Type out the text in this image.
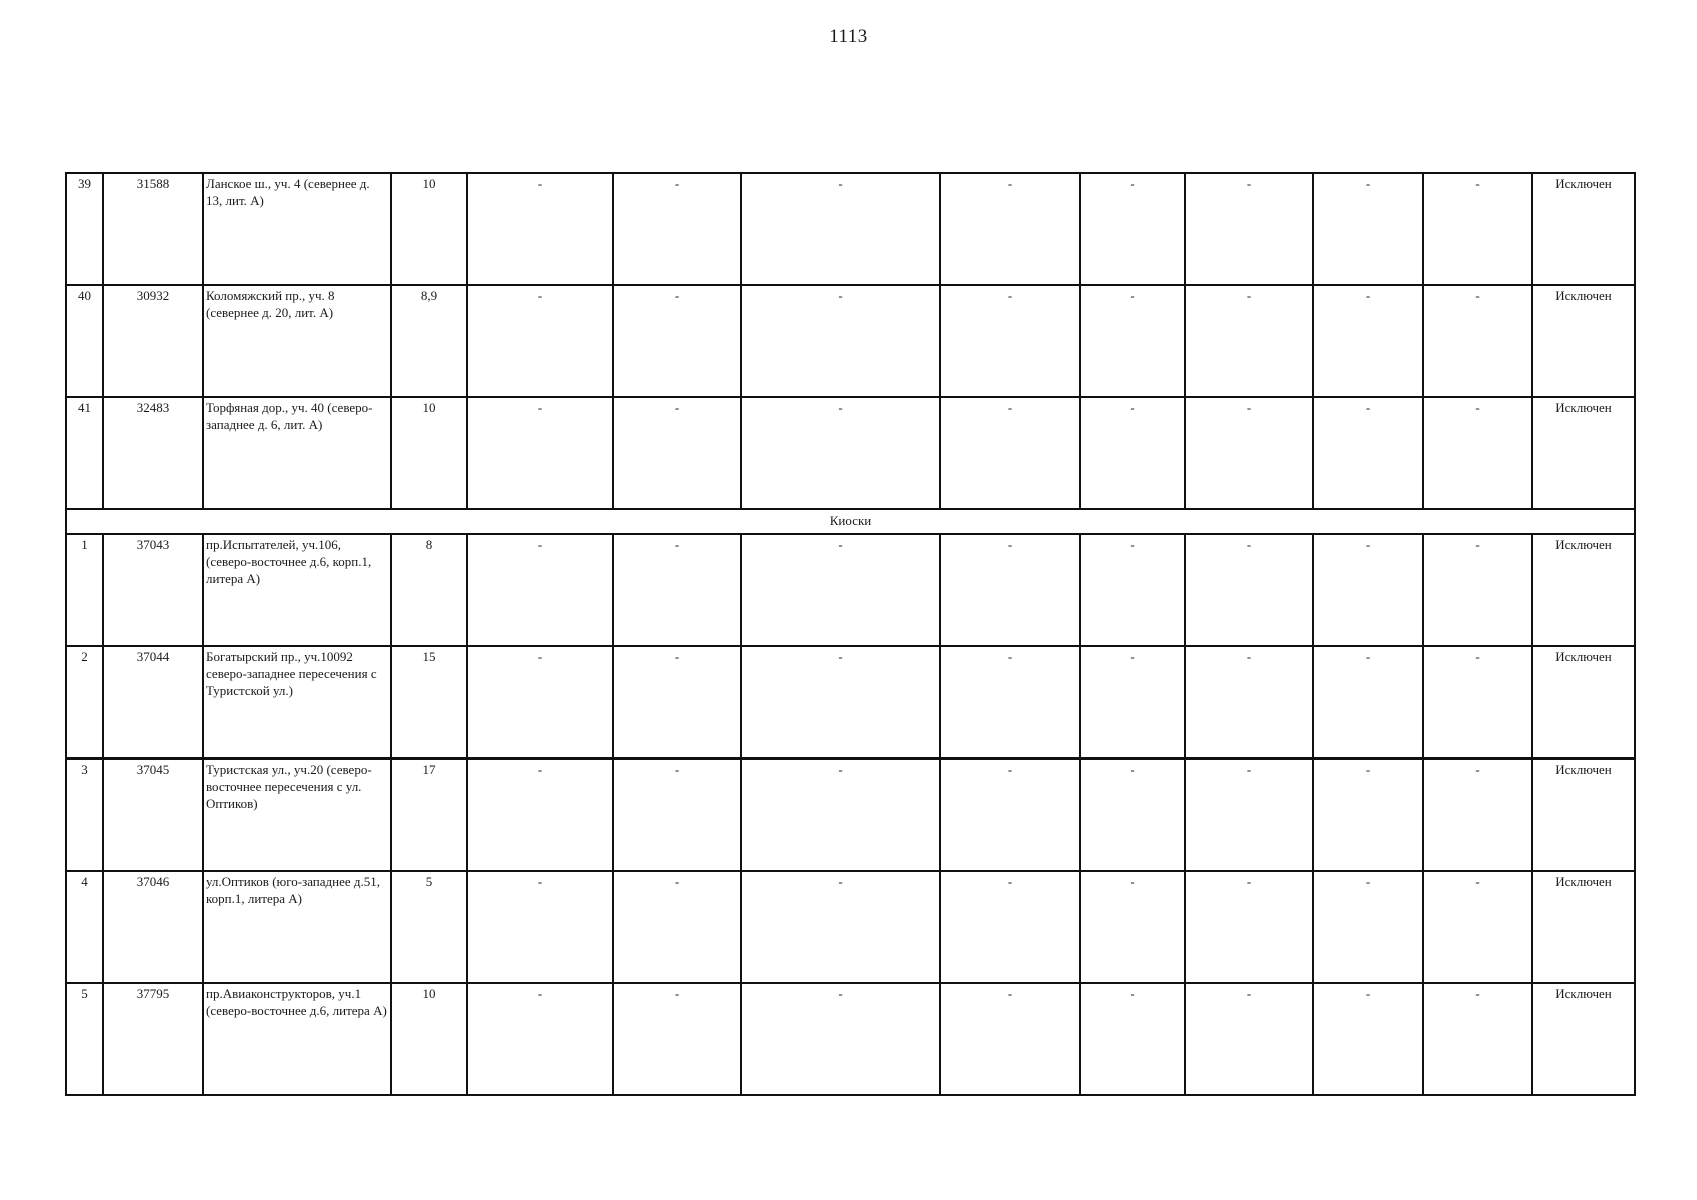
1113
39	31588	Ланское ш., уч. 4 (севернее д. 13, лит. А)	10	-	-	-	-	-	-	-	-	Исключен
40	30932	Коломяжский пр., уч. 8 (севернее д. 20, лит. А)	8,9	-	-	-	-	-	-	-	-	Исключен
41	32483	Торфяная дор., уч. 40 (северо-западнее д. 6, лит. А)	10	-	-	-	-	-	-	-	-	Исключен
Киоски												
1	37043	пр.Испытателей, уч.106, (северо-восточнее д.6, корп.1, литера А)	8	-	-	-	-	-	-	-	-	Исключен
2	37044	Богатырский пр., уч.10092 северо-западнее пересечения с Туристской ул.)	15	-	-	-	-	-	-	-	-	Исключен
3	37045	Туристская ул., уч.20 (северо-восточнее пересечения с ул. Оптиков)	17	-	-	-	-	-	-	-	-	Исключен
4	37046	ул.Оптиков (юго-западнее д.51, корп.1, литера А)	5	-	-	-	-	-	-	-	-	Исключен
5	37795	пр.Авиаконструкторов, уч.1 (северо-восточнее д.6, литера А)	10	-	-	-	-	-	-	-	-	Исключен
